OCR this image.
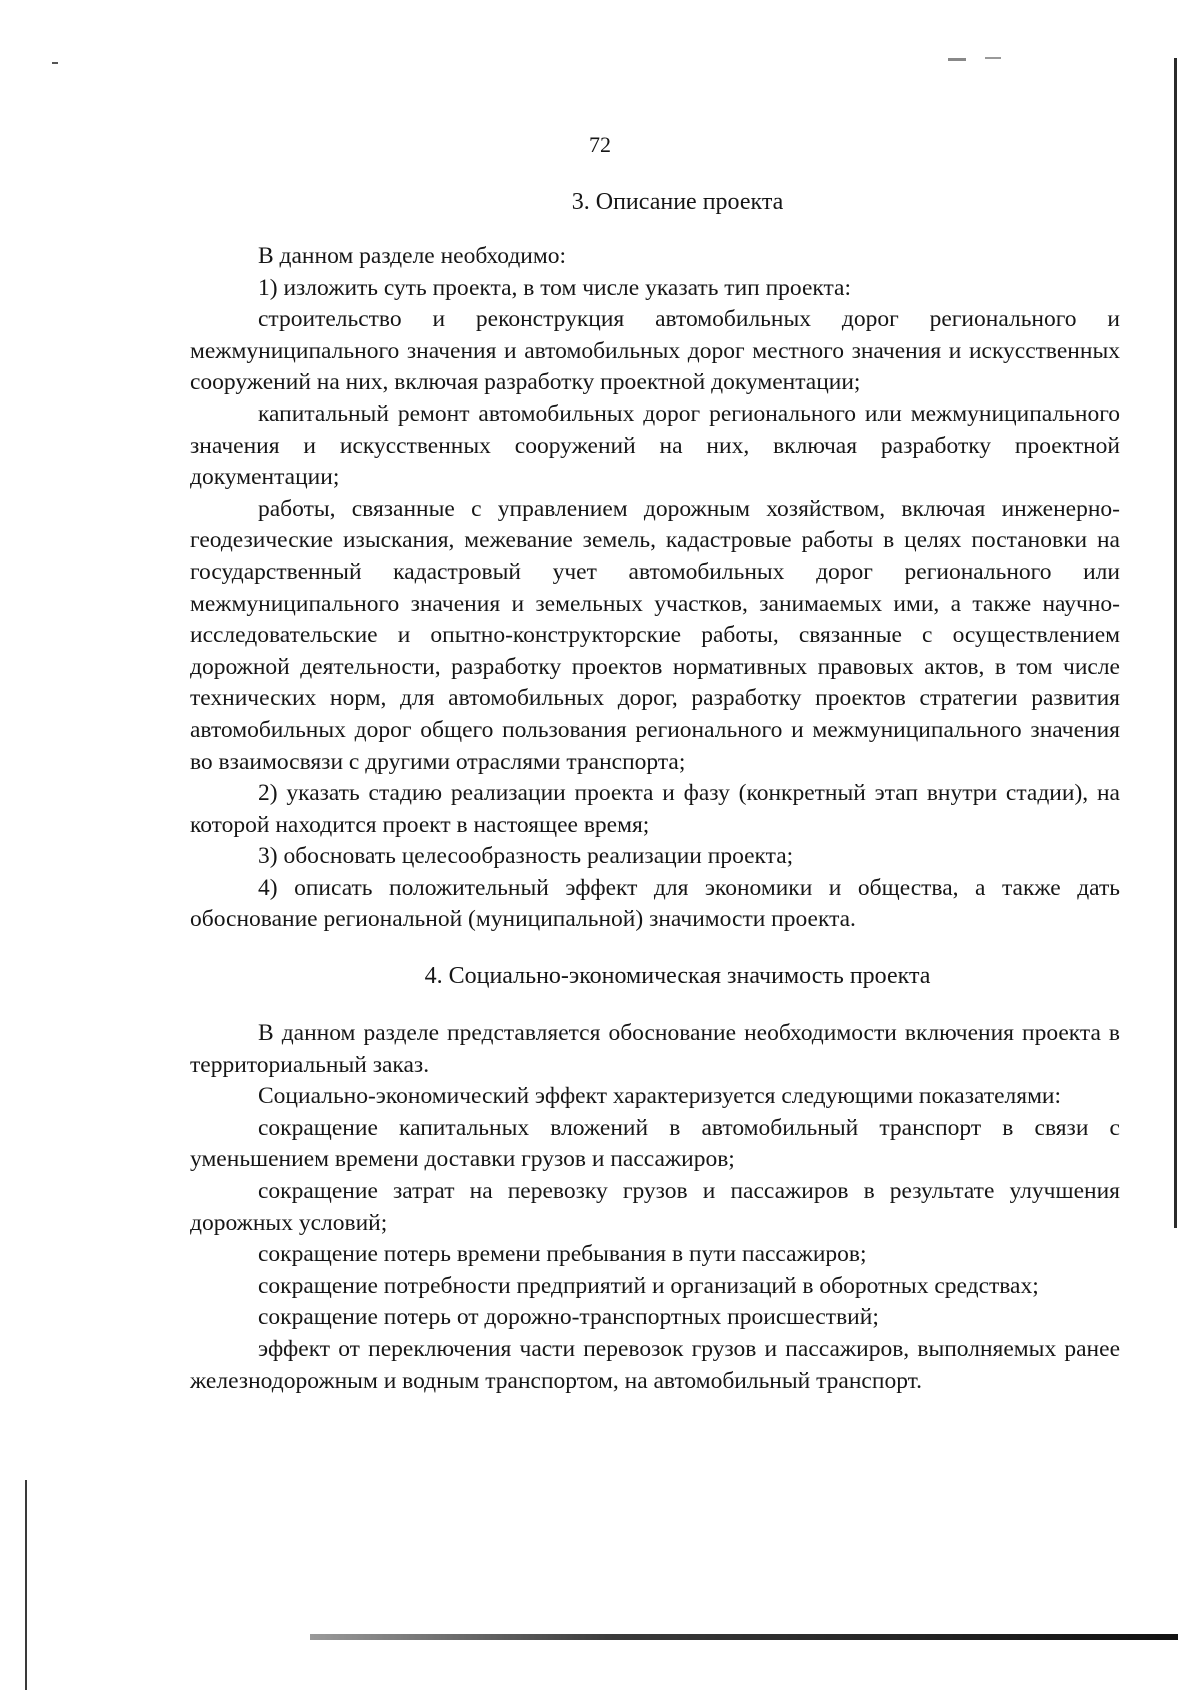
72

3. Описание проекта

В данном разделе необходимо:

1) изложить суть проекта, в том числе указать тип проекта:

строительство и реконструкция автомобильных дорог регионального и межмуниципального значения и автомобильных дорог местного значения и искусственных сооружений на них, включая разработку проектной документации;

капитальный ремонт автомобильных дорог регионального или межмуниципального значения и искусственных сооружений на них, включая разработку проектной документации;

работы, связанные с управлением дорожным хозяйством, включая инженерно-геодезические изыскания, межевание земель, кадастровые работы в целях постановки на государственный кадастровый учет автомобильных дорог регионального или межмуниципального значения и земельных участков, занимаемых ими, а также научно-исследовательские и опытно-конструкторские работы, связанные с осуществлением дорожной деятельности, разработку проектов нормативных правовых актов, в том числе технических норм, для автомобильных дорог, разработку проектов стратегии развития автомобильных дорог общего пользования регионального и межмуниципального значения во взаимосвязи с другими отраслями транспорта;

2) указать стадию реализации проекта и фазу (конкретный этап внутри стадии), на которой находится проект в настоящее время;

3) обосновать целесообразность реализации проекта;

4) описать положительный эффект для экономики и общества, а также дать обоснование региональной (муниципальной) значимости проекта.

4. Социально-экономическая значимость проекта

В данном разделе представляется обоснование необходимости включения проекта в территориальный заказ.

Социально-экономический эффект характеризуется следующими показателями:

сокращение капитальных вложений в автомобильный транспорт в связи с уменьшением времени доставки грузов и пассажиров;

сокращение затрат на перевозку грузов и пассажиров в результате улучшения дорожных условий;

сокращение потерь времени пребывания в пути пассажиров;

сокращение потребности предприятий и организаций в оборотных средствах;

сокращение потерь от дорожно-транспортных происшествий;

эффект от переключения части перевозок грузов и пассажиров, выполняемых ранее железнодорожным и водным транспортом, на автомобильный транспорт.
